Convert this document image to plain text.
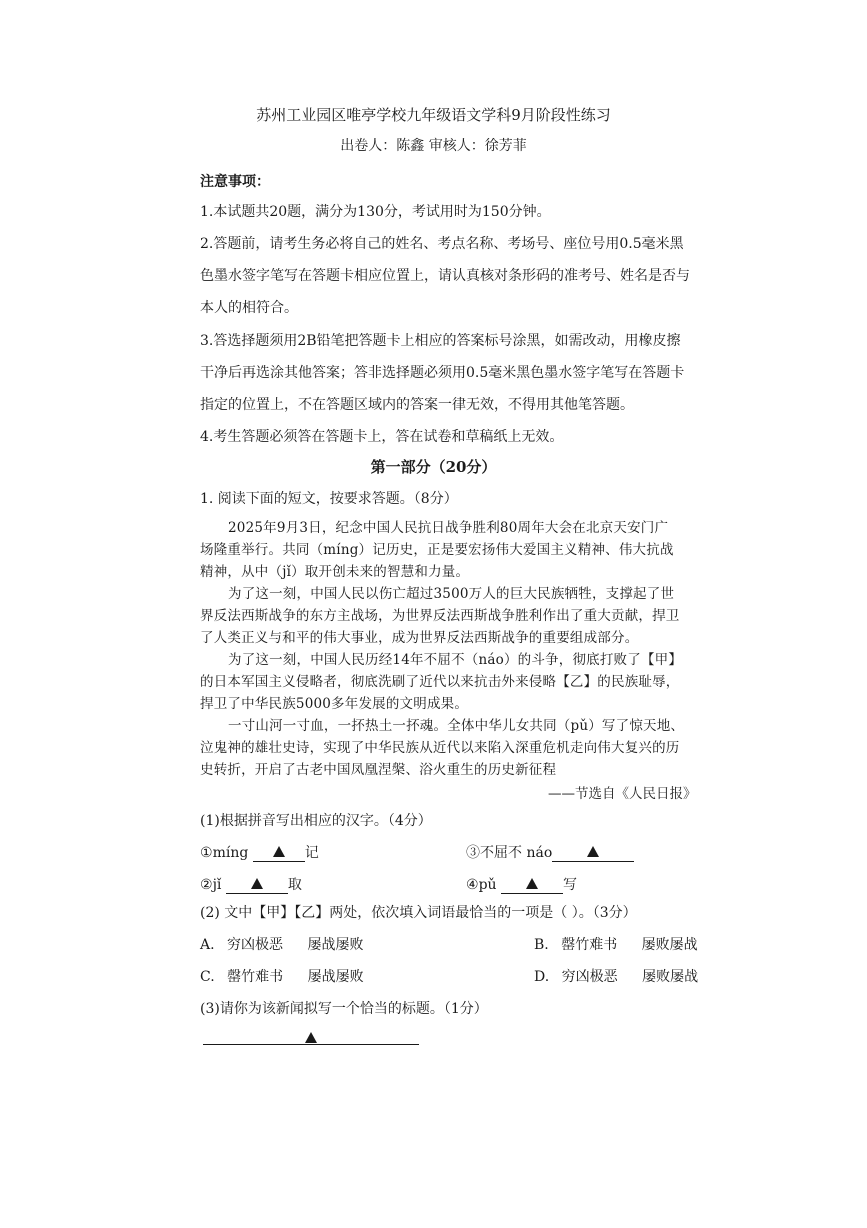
苏州工业园区唯亭学校九年级语文学科9月阶段性练习
出卷人：陈鑫 审核人：徐芳菲
注意事项：
1.本试题共20题，满分为130分，考试用时为150分钟。
2.答题前，请考生务必将自己的姓名、考点名称、考场号、座位号用0.5毫米黑
色墨水签字笔写在答题卡相应位置上，请认真核对条形码的准考号、姓名是否与
本人的相符合。
3.答选择题须用2B铅笔把答题卡上相应的答案标号涂黑，如需改动，用橡皮擦
干净后再选涂其他答案；答非选择题必须用0.5毫米黑色墨水签字笔写在答题卡
指定的位置上，不在答题区域内的答案一律无效，不得用其他笔答题。
4.考生答题必须答在答题卡上，答在试卷和草稿纸上无效。
第一部分（20分）
1. 阅读下面的短文，按要求答题。（8分）
2025年9月3日，纪念中国人民抗日战争胜利80周年大会在北京天安门广
场隆重举行。共同（míng）记历史，正是要宏扬伟大爱国主义精神、伟大抗战
精神，从中（jǐ）取开创未来的智慧和力量。
为了这一刻，中国人民以伤亡超过3500万人的巨大民族牺牲，支撑起了世
界反法西斯战争的东方主战场，为世界反法西斯战争胜利作出了重大贡献，捍卫
了人类正义与和平的伟大事业，成为世界反法西斯战争的重要组成部分。
为了这一刻，中国人民历经14年不屈不（náo）的斗争，彻底打败了【甲】
的日本军国主义侵略者，彻底洗刷了近代以来抗击外来侵略【乙】的民族耻辱，
捍卫了中华民族5000多年发展的文明成果。
一寸山河一寸血，一抔热土一抔魂。全体中华儿女共同（pǔ）写了惊天地、
泣鬼神的雄壮史诗，实现了中华民族从近代以来陷入深重危机走向伟大复兴的历
史转折，开启了古老中国凤凰涅槃、浴火重生的历史新征程
——节选自《人民日报》
(1)根据拼音写出相应的汉字。（4分）
①míng	记	③不屈不 náo
②jǐ	取	④pǔ	写
(2) 文中【甲】【乙】两处，依次填入词语最恰当的一项是（ ）。（3分）
A. 穷凶极恶 屡战屡败	B. 罄竹难书 屡败屡战
C. 罄竹难书 屡战屡败	D. 穷凶极恶 屡败屡战
(3)请你为该新闻拟写一个恰当的标题。（1分）
